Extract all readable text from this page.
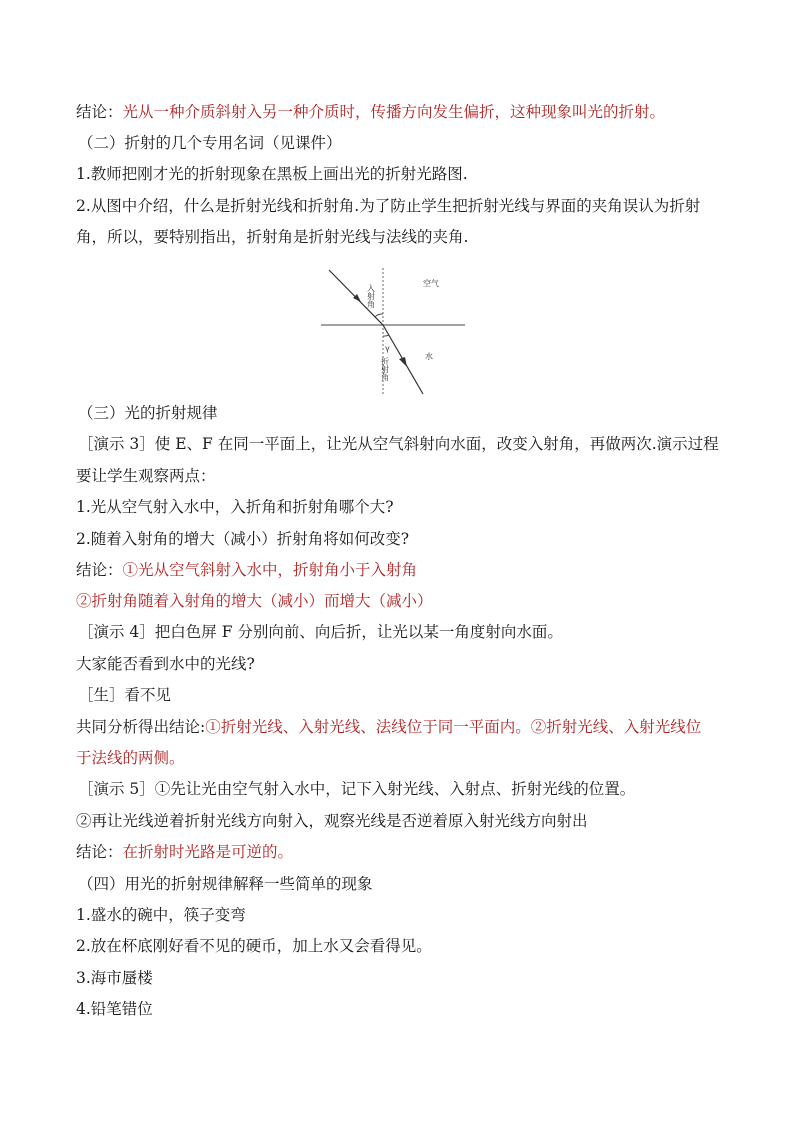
结论：光从一种介质斜射入另一种介质时，传播方向发生偏折，这种现象叫光的折射。
（二）折射的几个专用名词（见课件）
1.教师把刚才光的折射现象在黑板上画出光的折射光路图.
2.从图中介绍，什么是折射光线和折射角.为了防止学生把折射光线与界面的夹角误认为折射
角，所以，要特别指出，折射角是折射光线与法线的夹角.
入射角
空气
水
γ
折射角
（三）光的折射规律
［演示 3］使 E、F 在同一平面上，让光从空气斜射向水面，改变入射角，再做两次.演示过程
要让学生观察两点：
1.光从空气射入水中，入折角和折射角哪个大?
2.随着入射角的增大（减小）折射角将如何改变?
结论：①光从空气斜射入水中，折射角小于入射角
②折射角随着入射角的增大（减小）而增大（减小）
［演示 4］把白色屏 F 分别向前、向后折，让光以某一角度射向水面。
大家能否看到水中的光线?
［生］看不见
共同分析得出结论:①折射光线、入射光线、法线位于同一平面内。②折射光线、入射光线位
于法线的两侧。
［演示 5］①先让光由空气射入水中，记下入射光线、入射点、折射光线的位置。
②再让光线逆着折射光线方向射入，观察光线是否逆着原入射光线方向射出
结论：在折射时光路是可逆的。
（四）用光的折射规律解释一些简单的现象
1.盛水的碗中，筷子变弯
2.放在杯底刚好看不见的硬币，加上水又会看得见。
3.海市蜃楼
4.铅笔错位
